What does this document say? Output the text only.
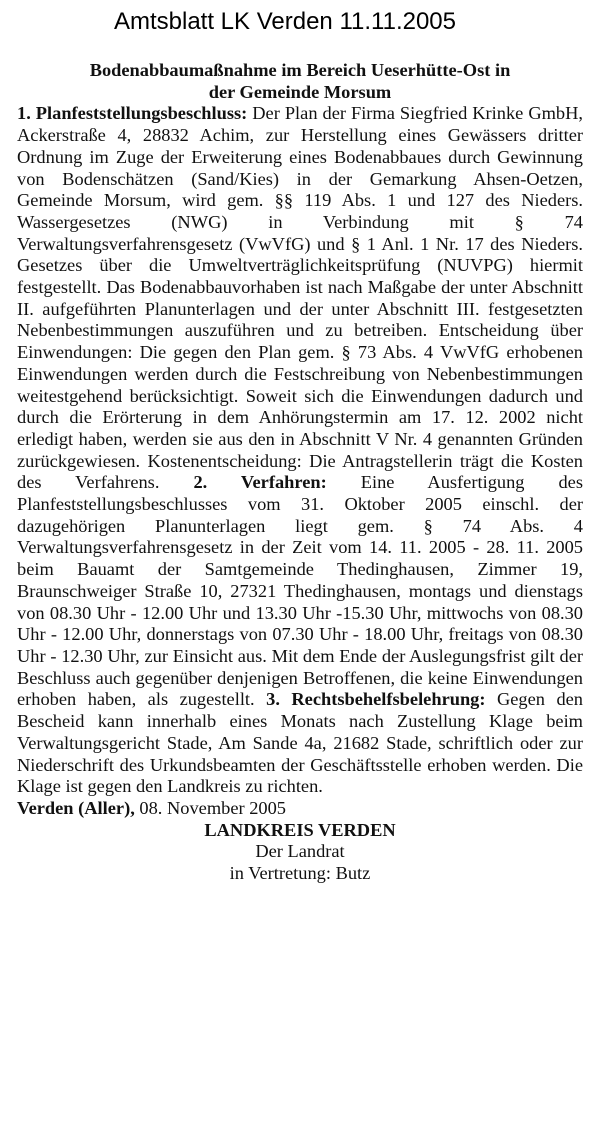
Amtsblatt LK Verden 11.11.2005

Bodenabbaumaßnahme im Bereich Ueserhütte-Ost in
der Gemeinde Morsum

1. Planfeststellungsbeschluss: Der Plan der Firma Siegfried Krinke GmbH, Ackerstraße 4, 28832 Achim, zur Herstellung eines Gewässers dritter Ordnung im Zuge der Erweiterung eines Bodenabbaues durch Gewinnung von Bodenschätzen (Sand/Kies) in der Gemarkung Ahsen-Oetzen, Gemeinde Morsum, wird gem. §§ 119 Abs. 1 und 127 des Nieders. Wassergesetzes (NWG) in Verbindung mit § 74 Verwaltungsverfahrensgesetz (VwVfG) und § 1 Anl. 1 Nr. 17 des Nieders. Gesetzes über die Umweltverträglichkeitsprüfung (NUVPG) hiermit festgestellt. Das Bodenabbauvorhaben ist nach Maßgabe der unter Abschnitt II. aufgeführten Planunterlagen und der unter Abschnitt III. festgesetzten Nebenbestimmungen auszuführen und zu betreiben. Entscheidung über Einwendungen: Die gegen den Plan gem. § 73 Abs. 4 VwVfG erhobenen Einwendungen werden durch die Festschreibung von Nebenbestimmungen weitestgehend berücksichtigt. Soweit sich die Einwendungen dadurch und durch die Erörterung in dem Anhörungstermin am 17. 12. 2002 nicht erledigt haben, werden sie aus den in Abschnitt V Nr. 4 genannten Gründen zurückgewiesen. Kostenentscheidung: Die Antragstellerin trägt die Kosten des Verfahrens. 2. Verfahren: Eine Ausfertigung des Planfeststellungsbeschlusses vom 31. Oktober 2005 einschl. der dazugehörigen Planunterlagen liegt gem. § 74 Abs. 4 Verwaltungsverfahrensgesetz in der Zeit vom 14. 11. 2005 - 28. 11. 2005 beim Bauamt der Samtgemeinde Thedinghausen, Zimmer 19, Braunschweiger Straße 10, 27321 Thedinghausen, montags und dienstags von 08.30 Uhr - 12.00 Uhr und 13.30 Uhr -15.30 Uhr, mittwochs von 08.30 Uhr - 12.00 Uhr, donnerstags von 07.30 Uhr - 18.00 Uhr, freitags von 08.30 Uhr - 12.30 Uhr, zur Einsicht aus. Mit dem Ende der Auslegungsfrist gilt der Beschluss auch gegenüber denjenigen Betroffenen, die keine Einwendungen erhoben haben, als zugestellt. 3. Rechtsbehelfsbelehrung: Gegen den Bescheid kann innerhalb eines Monats nach Zustellung Klage beim Verwaltungsgericht Stade, Am Sande 4a, 21682 Stade, schriftlich oder zur Niederschrift des Urkundsbeamten der Geschäftsstelle erhoben werden. Die Klage ist gegen den Landkreis zu richten.

Verden (Aller), 08. November 2005

LANDKREIS VERDEN
Der Landrat
in Vertretung: Butz
